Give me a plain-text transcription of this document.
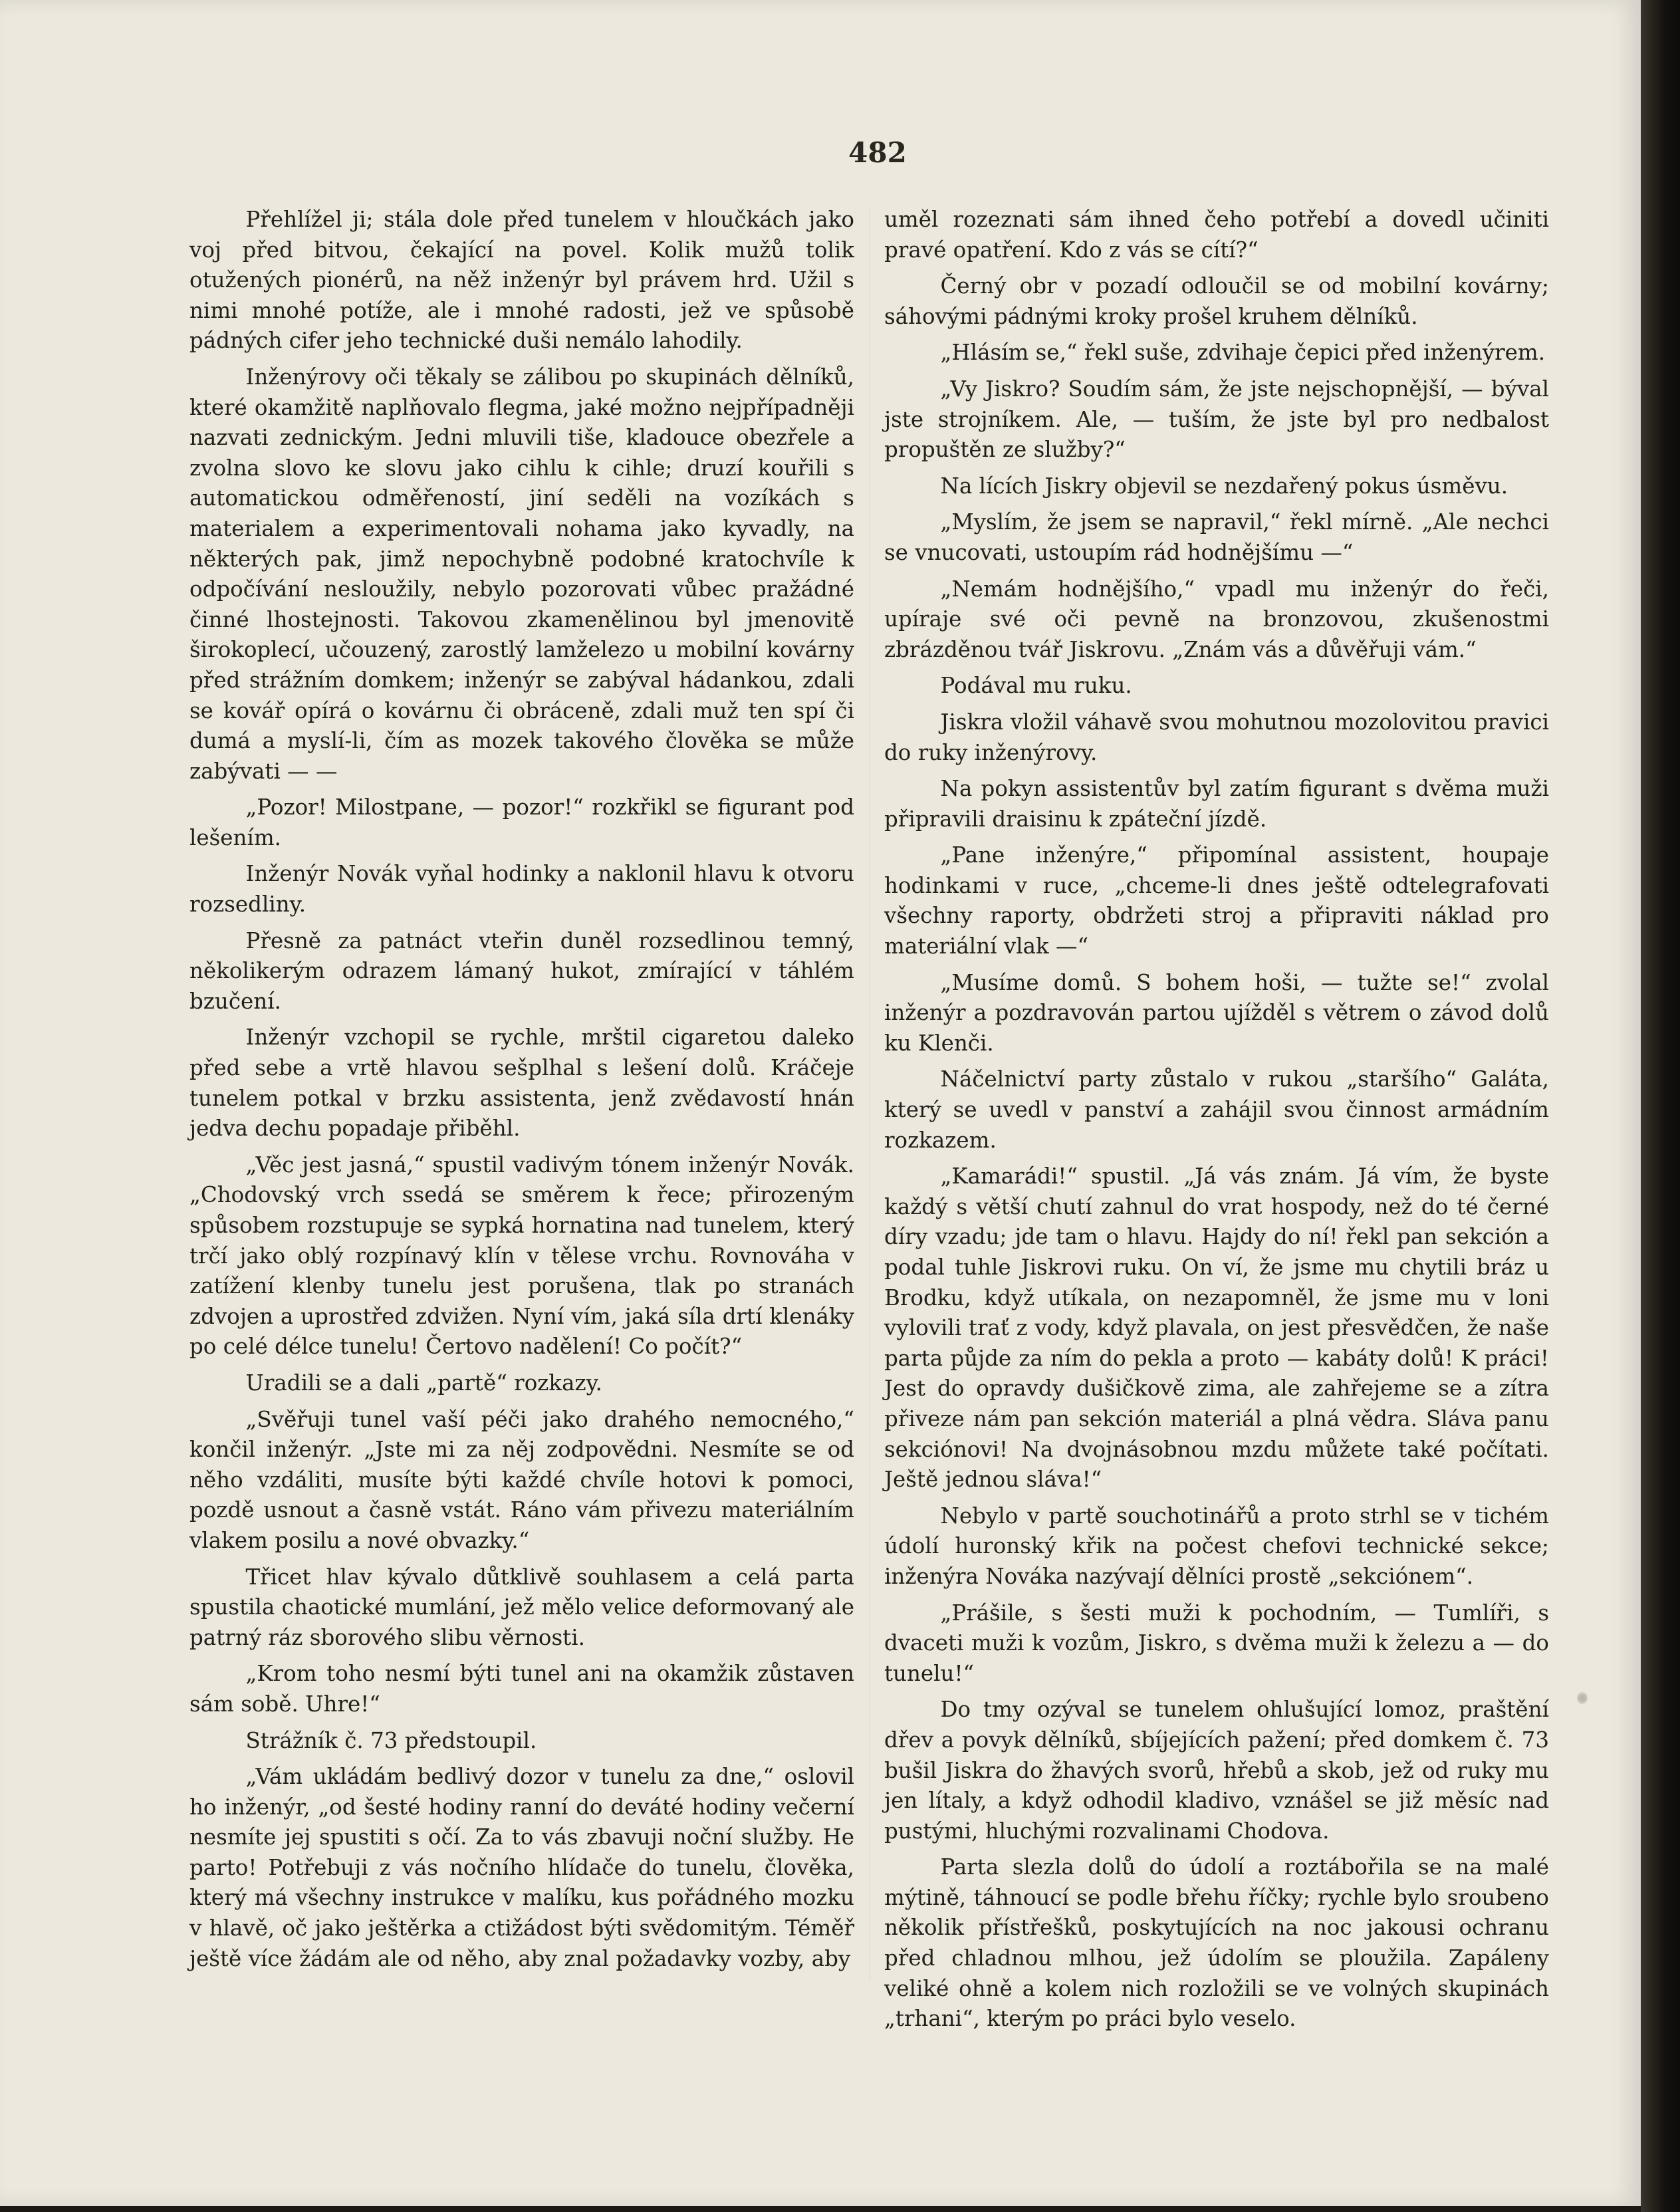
482

Přehlížel ji; stála dole před tunelem v hloučkách jako voj před bitvou, čekající na povel. Kolik mužů tolik otužených pionérů, na něž inženýr byl právem hrd. Užil s nimi mnohé potíže, ale i mnohé radosti, jež ve spůsobě pádných cifer jeho technické duši nemálo lahodily.

Inženýrovy oči těkaly se zálibou po skupinách dělníků, které okamžitě naplňovalo flegma, jaké možno nejpřípadněji nazvati zednickým. Jedni mluvili tiše, kladouce obezřele a zvolna slovo ke slovu jako cihlu k cihle; druzí kouřili s automatickou odměřeností, jiní seděli na vozíkách s materialem a experimentovali nohama jako kyvadly, na některých pak, jimž nepochybně podobné kratochvíle k odpočívání nesloužily, nebylo pozorovati vůbec pražádné činné lhostejnosti. Takovou zkamenělinou byl jmenovitě širokoplecí, učouzený, zarostlý lamželezo u mobilní kovárny před strážním domkem; inženýr se zabýval hádankou, zdali se kovář opírá o kovárnu či obráceně, zdali muž ten spí či dumá a myslí-li, čím as mozek takového člověka se může zabývati — —

„Pozor! Milostpane, — pozor!“ rozkřikl se figurant pod lešením.

Inženýr Novák vyňal hodinky a naklonil hlavu k otvoru rozsedliny.

Přesně za patnáct vteřin duněl rozsedlinou temný, několikerým odrazem lámaný hukot, zmírající v táhlém bzučení.

Inženýr vzchopil se rychle, mrštil cigaretou daleko před sebe a vrtě hlavou sešplhal s lešení dolů. Kráčeje tunelem potkal v brzku assistenta, jenž zvědavostí hnán jedva dechu popadaje přiběhl.

„Věc jest jasná,“ spustil vadivým tónem inženýr Novák. „Chodovský vrch ssedá se směrem k řece; přirozeným spůsobem rozstupuje se sypká hornatina nad tunelem, který trčí jako oblý rozpínavý klín v tělese vrchu. Rovnováha v zatížení klenby tunelu jest porušena, tlak po stranách zdvojen a uprostřed zdvižen. Nyní vím, jaká síla drtí klenáky po celé délce tunelu! Čertovo nadělení! Co počít?“

Uradili se a dali „partě“ rozkazy.

„Svěřuji tunel vaší péči jako drahého nemocného,“ končil inženýr. „Jste mi za něj zodpovědni. Nesmíte se od něho vzdáliti, musíte býti každé chvíle hotovi k pomoci, pozdě usnout a časně vstát. Ráno vám přivezu materiálním vlakem posilu a nové obvazky.“

Třicet hlav kývalo důtklivě souhlasem a celá parta spustila chaotické mumlání, jež mělo velice deformovaný ale patrný ráz sborového slibu věrnosti.

„Krom toho nesmí býti tunel ani na okamžik zůstaven sám sobě. Uhre!“

Strážník č. 73 předstoupil.

„Vám ukládám bedlivý dozor v tunelu za dne,“ oslovil ho inženýr, „od šesté hodiny ranní do deváté hodiny večerní nesmíte jej spustiti s očí. Za to vás zbavuji noční služby. He parto! Potřebuji z vás nočního hlídače do tunelu, člověka, který má všechny instrukce v malíku, kus pořádného mozku v hlavě, oč jako ještěrka a ctižádost býti svědomitým. Téměř ještě více žádám ale od něho, aby znal požadavky vozby, aby

uměl rozeznati sám ihned čeho potřebí a dovedl učiniti pravé opatření. Kdo z vás se cítí?“

Černý obr v pozadí odloučil se od mobilní kovárny; sáhovými pádnými kroky prošel kruhem dělníků.

„Hlásím se,“ řekl suše, zdvihaje čepici před inženýrem.

„Vy Jiskro? Soudím sám, že jste nejschopnější, — býval jste strojníkem. Ale, — tuším, že jste byl pro nedbalost propuštěn ze služby?“

Na lících Jiskry objevil se nezdařený pokus úsměvu.

„Myslím, že jsem se napravil,“ řekl mírně. „Ale nechci se vnucovati, ustoupím rád hodnějšímu —“

„Nemám hodnějšího,“ vpadl mu inženýr do řeči, upíraje své oči pevně na bronzovou, zkušenostmi zbrázděnou tvář Jiskrovu. „Znám vás a důvěřuji vám.“

Podával mu ruku.

Jiskra vložil váhavě svou mohutnou mozolovitou pravici do ruky inženýrovy.

Na pokyn assistentův byl zatím figurant s dvěma muži připravili draisinu k zpáteční jízdě.

„Pane inženýre,“ připomínal assistent, houpaje hodinkami v ruce, „chceme-li dnes ještě odtelegrafovati všechny raporty, obdržeti stroj a připraviti náklad pro materiální vlak —“

„Musíme domů. S bohem hoši, — tužte se!“ zvolal inženýr a pozdravován partou ujížděl s větrem o závod dolů ku Klenči.

Náčelnictví party zůstalo v rukou „staršího“ Galáta, který se uvedl v panství a zahájil svou činnost armádním rozkazem.

„Kamarádi!“ spustil. „Já vás znám. Já vím, že byste každý s větší chutí zahnul do vrat hospody, než do té černé díry vzadu; jde tam o hlavu. Hajdy do ní! řekl pan sekción a podal tuhle Jiskrovi ruku. On ví, že jsme mu chytili bráz u Brodku, když utíkala, on nezapomněl, že jsme mu v loni vylovili trať z vody, když plavala, on jest přesvědčen, že naše parta půjde za ním do pekla a proto — kabáty dolů! K práci! Jest do opravdy dušičkově zima, ale zahřejeme se a zítra přiveze nám pan sekción materiál a plná vědra. Sláva panu sekciónovi! Na dvojnásobnou mzdu můžete také počítati. Ještě jednou sláva!“

Nebylo v partě souchotinářů a proto strhl se v tichém údolí huronský křik na počest chefovi technické sekce; inženýra Nováka nazývají dělníci prostě „sekciónem“.

„Prášile, s šesti muži k pochodním, — Tumlíři, s dvaceti muži k vozům, Jiskro, s dvěma muži k železu a — do tunelu!“

Do tmy ozýval se tunelem ohlušující lomoz, praštění dřev a povyk dělníků, sbíjejících pažení; před domkem č. 73 bušil Jiskra do žhavých svorů, hřebů a skob, jež od ruky mu jen lítaly, a když odhodil kladivo, vznášel se již měsíc nad pustými, hluchými rozvalinami Chodova.

Parta slezla dolů do údolí a roztábořila se na malé mýtině, táhnoucí se podle břehu říčky; rychle bylo sroubeno několik přístřešků, poskytujících na noc jakousi ochranu před chladnou mlhou, jež údolím se ploužila. Zapáleny veliké ohně a kolem nich rozložili se ve volných skupinách „trhani“, kterým po práci bylo veselo.
